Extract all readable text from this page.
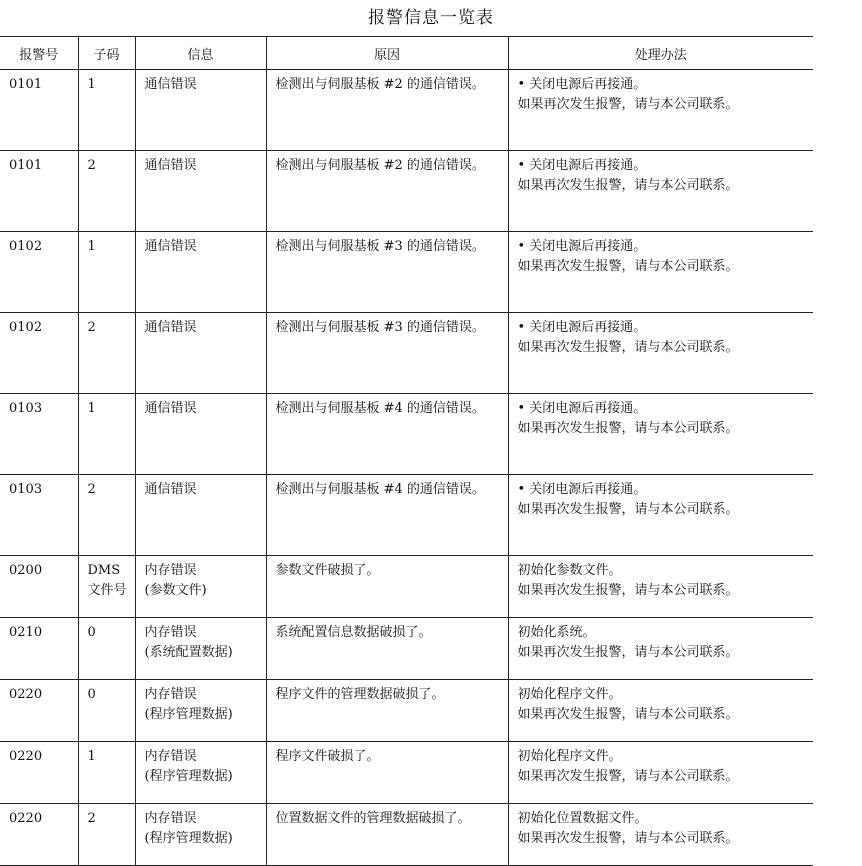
报警信息一览表
报警号	子码	信息	原因	处理办法
0101	1	通信错误	检测出与伺服基板 #2 的通信错误。	• 关闭电源后再接通。
如果再次发生报警，请与本公司联系。

0101	2	通信错误	检测出与伺服基板 #2 的通信错误。	• 关闭电源后再接通。
如果再次发生报警，请与本公司联系。

0102	1	通信错误	检测出与伺服基板 #3 的通信错误。	• 关闭电源后再接通。
如果再次发生报警，请与本公司联系。

0102	2	通信错误	检测出与伺服基板 #3 的通信错误。	• 关闭电源后再接通。
如果再次发生报警，请与本公司联系。

0103	1	通信错误	检测出与伺服基板 #4 的通信错误。	• 关闭电源后再接通。
如果再次发生报警，请与本公司联系。

0103	2	通信错误	检测出与伺服基板 #4 的通信错误。	• 关闭电源后再接通。
如果再次发生报警，请与本公司联系。

0200	DMS 文件号	内存错误
(参数文件)	参数文件破损了。	初始化参数文件。
如果再次发生报警，请与本公司联系。

0210	0	内存错误
(系统配置数据)	系统配置信息数据破损了。	初始化系统。
如果再次发生报警，请与本公司联系。

0220	0	内存错误
(程序管理数据)	程序文件的管理数据破损了。	初始化程序文件。
如果再次发生报警，请与本公司联系。

0220	1	内存错误
(程序管理数据)	程序文件破损了。	初始化程序文件。
如果再次发生报警，请与本公司联系。

0220	2	内存错误
(程序管理数据)	位置数据文件的管理数据破损了。	初始化位置数据文件。
如果再次发生报警，请与本公司联系。
